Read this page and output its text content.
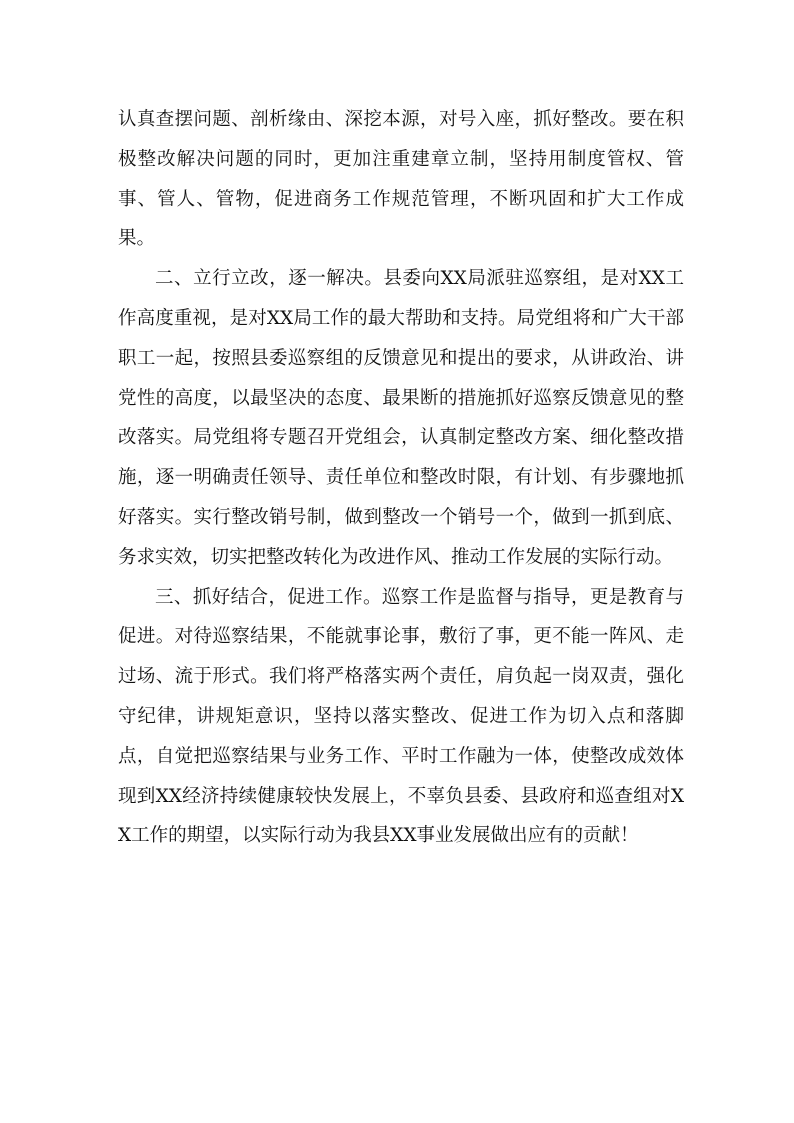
认真查摆问题、剖析缘由、深挖本源，对号入座，抓好整改。要在积极整改解决问题的同时，更加注重建章立制，坚持用制度管权、管事、管人、管物，促进商务工作规范管理，不断巩固和扩大工作成果。

二、立行立改，逐一解决。县委向XX局派驻巡察组，是对XX工作高度重视，是对XX局工作的最大帮助和支持。局党组将和广大干部职工一起，按照县委巡察组的反馈意见和提出的要求，从讲政治、讲党性的高度，以最坚决的态度、最果断的措施抓好巡察反馈意见的整改落实。局党组将专题召开党组会，认真制定整改方案、细化整改措施，逐一明确责任领导、责任单位和整改时限，有计划、有步骤地抓好落实。实行整改销号制，做到整改一个销号一个，做到一抓到底、务求实效，切实把整改转化为改进作风、推动工作发展的实际行动。

三、抓好结合，促进工作。巡察工作是监督与指导，更是教育与促进。对待巡察结果，不能就事论事，敷衍了事，更不能一阵风、走过场、流于形式。我们将严格落实两个责任，肩负起一岗双责，强化守纪律，讲规矩意识，坚持以落实整改、促进工作为切入点和落脚点，自觉把巡察结果与业务工作、平时工作融为一体，使整改成效体现到XX经济持续健康较快发展上，不辜负县委、县政府和巡查组对XX工作的期望，以实际行动为我县XX事业发展做出应有的贡献！
